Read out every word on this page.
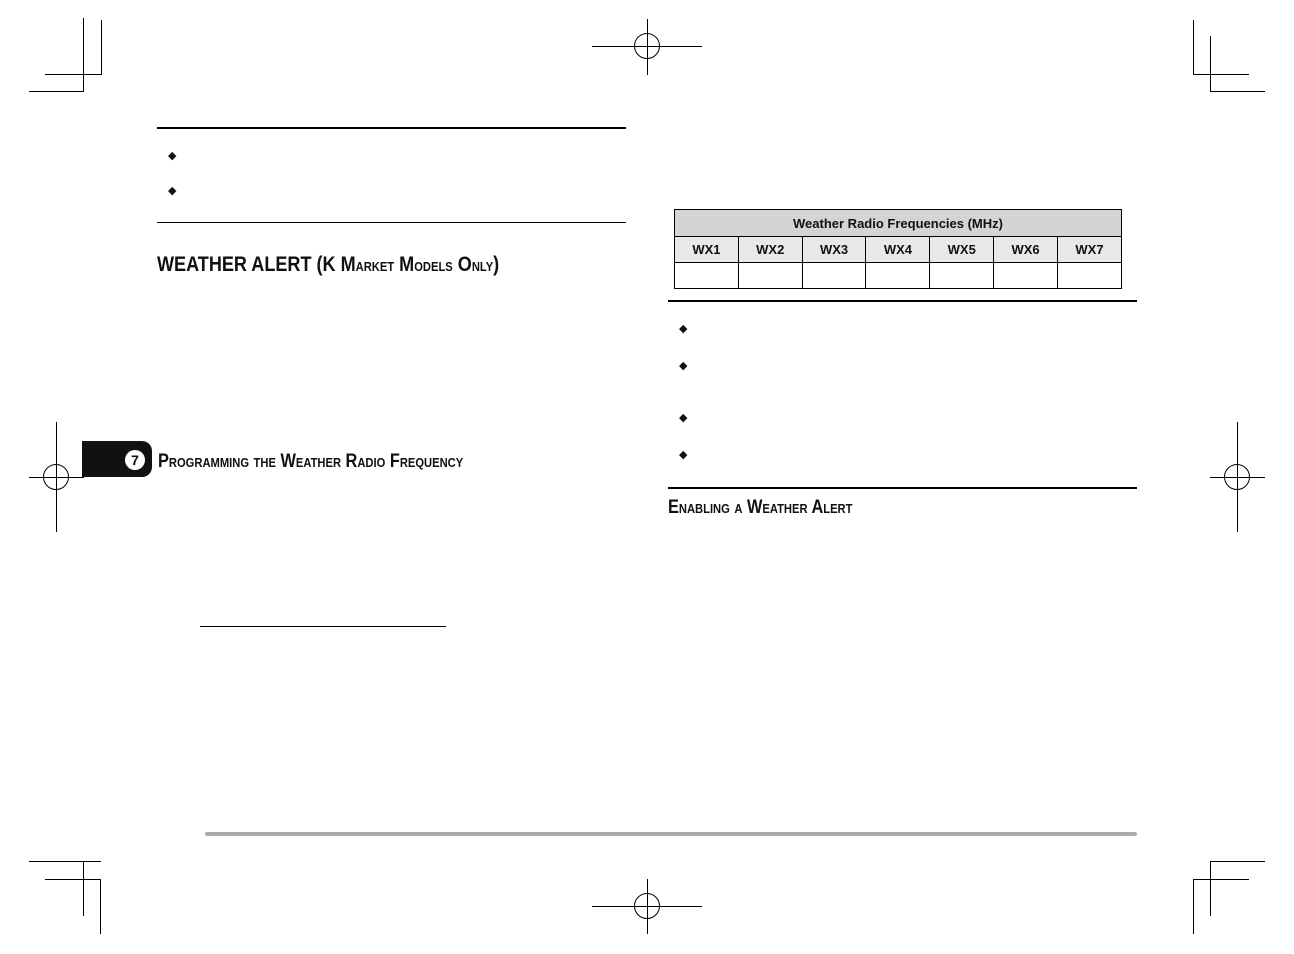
◆
◆
WEATHER ALERT (K Market Models Only)
7	Programming the Weather Radio Frequency
Weather Radio Frequencies (MHz)						
WX1	WX2	WX3	WX4	WX5	WX6	WX7

◆
◆
◆
◆
Enabling a Weather Alert
